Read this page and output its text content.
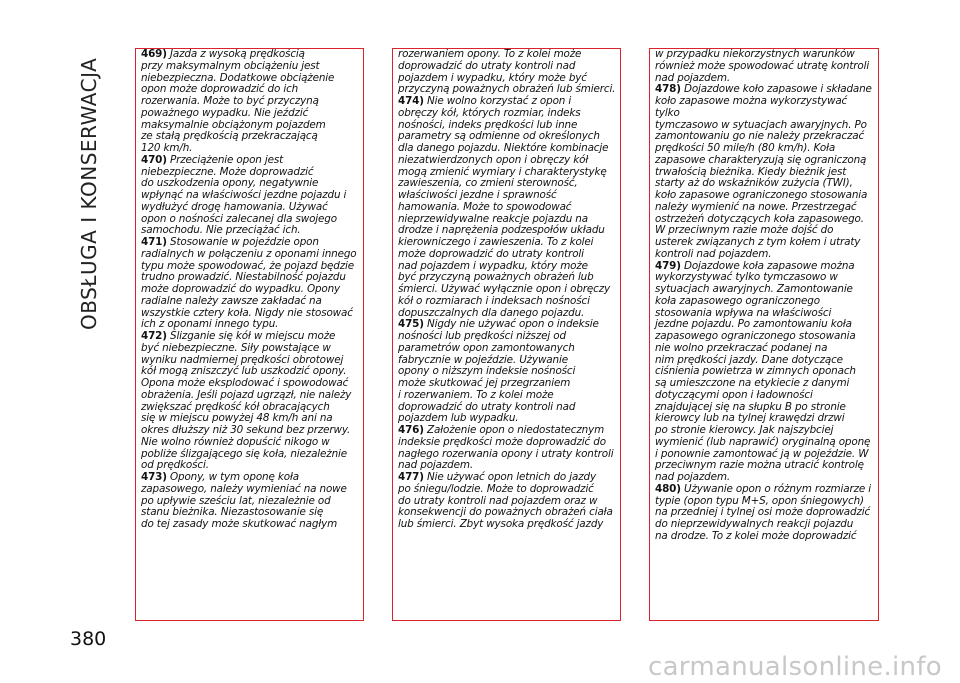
OBSŁUGA I KONSERWACJA

469) Jazda z wysoką prędkością
przy maksymalnym obciążeniu jest
niebezpieczna. Dodatkowe obciążenie
opon może doprowadzić do ich
rozerwania. Może to być przyczyną
poważnego wypadku. Nie jeździć
maksymalnie obciążonym pojazdem
ze stałą prędkością przekraczającą
120 km/h.

470) Przeciążenie opon jest
niebezpieczne. Może doprowadzić
do uszkodzenia opony, negatywnie
wpłynąć na właściwości jezdne pojazdu i
wydłużyć drogę hamowania. Używać
opon o nośności zalecanej dla swojego
samochodu. Nie przeciążać ich.

471) Stosowanie w pojeździe opon
radialnych w połączeniu z oponami innego
typu może spowodować, że pojazd będzie
trudno prowadzić. Niestabilność pojazdu
może doprowadzić do wypadku. Opony
radialne należy zawsze zakładać na
wszystkie cztery koła. Nigdy nie stosować
ich z oponami innego typu.

472) Ślizganie się kół w miejscu może
być niebezpieczne. Siły powstające w
wyniku nadmiernej prędkości obrotowej
kół mogą zniszczyć lub uszkodzić opony.
Opona może eksplodować i spowodować
obrażenia. Jeśli pojazd ugrzązł, nie należy
zwiększać prędkość kół obracających
się w miejscu powyżej 48 km/h ani na
okres dłuższy niż 30 sekund bez przerwy.
Nie wolno również dopuścić nikogo w
pobliże ślizgającego się koła, niezależnie
od prędkości.

473) Opony, w tym oponę koła
zapasowego, należy wymieniać na nowe
po upływie sześciu lat, niezależnie od
stanu bieżnika. Niezastosowanie się
do tej zasady może skutkować nagłym

rozerwaniem opony. To z kolei może
doprowadzić do utraty kontroli nad
pojazdem i wypadku, który może być
przyczyną poważnych obrażeń lub śmierci.

474) Nie wolno korzystać z opon i
obręczy kół, których rozmiar, indeks
nośności, indeks prędkości lub inne
parametry są odmienne od określonych
dla danego pojazdu. Niektóre kombinacje
niezatwierdzonych opon i obręczy kół
mogą zmienić wymiary i charakterystykę
zawieszenia, co zmieni sterowność,
właściwości jezdne i sprawność
hamowania. Może to spowodować
nieprzewidywalne reakcje pojazdu na
drodze i naprężenia podzespołów układu
kierowniczego i zawieszenia. To z kolei
może doprowadzić do utraty kontroli
nad pojazdem i wypadku, który może
być przyczyną poważnych obrażeń lub
śmierci. Używać wyłącznie opon i obręczy
kół o rozmiarach i indeksach nośności
dopuszczalnych dla danego pojazdu.

475) Nigdy nie używać opon o indeksie
nośności lub prędkości niższej od
parametrów opon zamontowanych
fabrycznie w pojeździe. Używanie
opony o niższym indeksie nośności
może skutkować jej przegrzaniem
i rozerwaniem. To z kolei może
doprowadzić do utraty kontroli nad
pojazdem lub wypadku.

476) Założenie opon o niedostatecznym
indeksie prędkości może doprowadzić do
nagłego rozerwania opony i utraty kontroli
nad pojazdem.

477) Nie używać opon letnich do jazdy
po śniegu/lodzie. Może to doprowadzić
do utraty kontroli nad pojazdem oraz w
konsekwencji do poważnych obrażeń ciała
lub śmierci. Zbyt wysoka prędkość jazdy

w przypadku niekorzystnych warunków
również może spowodować utratę kontroli
nad pojazdem.

478) Dojazdowe koło zapasowe i składane
koło zapasowe można wykorzystywać tylko
tymczasowo w sytuacjach awaryjnych. Po
zamontowaniu go nie należy przekraczać
prędkości 50 mile/h (80 km/h). Koła
zapasowe charakteryzują się ograniczoną
trwałością bieżnika. Kiedy bieżnik jest
starty aż do wskaźników zużycia (TWI),
koło zapasowe ograniczonego stosowania
należy wymienić na nowe. Przestrzegać
ostrzeżeń dotyczących koła zapasowego.
W przeciwnym razie może dojść do
usterek związanych z tym kołem i utraty
kontroli nad pojazdem.

479) Dojazdowe koła zapasowe można
wykorzystywać tylko tymczasowo w
sytuacjach awaryjnych. Zamontowanie
koła zapasowego ograniczonego
stosowania wpływa na właściwości
jezdne pojazdu. Po zamontowaniu koła
zapasowego ograniczonego stosowania
nie wolno przekraczać podanej na
nim prędkości jazdy. Dane dotyczące
ciśnienia powietrza w zimnych oponach
są umieszczone na etykiecie z danymi
dotyczącymi opon i ładowności
znajdującej się na słupku B po stronie
kierowcy lub na tylnej krawędzi drzwi
po stronie kierowcy. Jak najszybciej
wymienić (lub naprawić) oryginalną oponę
i ponownie zamontować ją w pojeździe. W
przeciwnym razie można utracić kontrolę
nad pojazdem.

480) Używanie opon o różnym rozmiarze i
typie (opon typu M+S, opon śniegowych)
na przedniej i tylnej osi może doprowadzić
do nieprzewidywalnych reakcji pojazdu
na drodze. To z kolei może doprowadzić

380
carmanualsonline.info
